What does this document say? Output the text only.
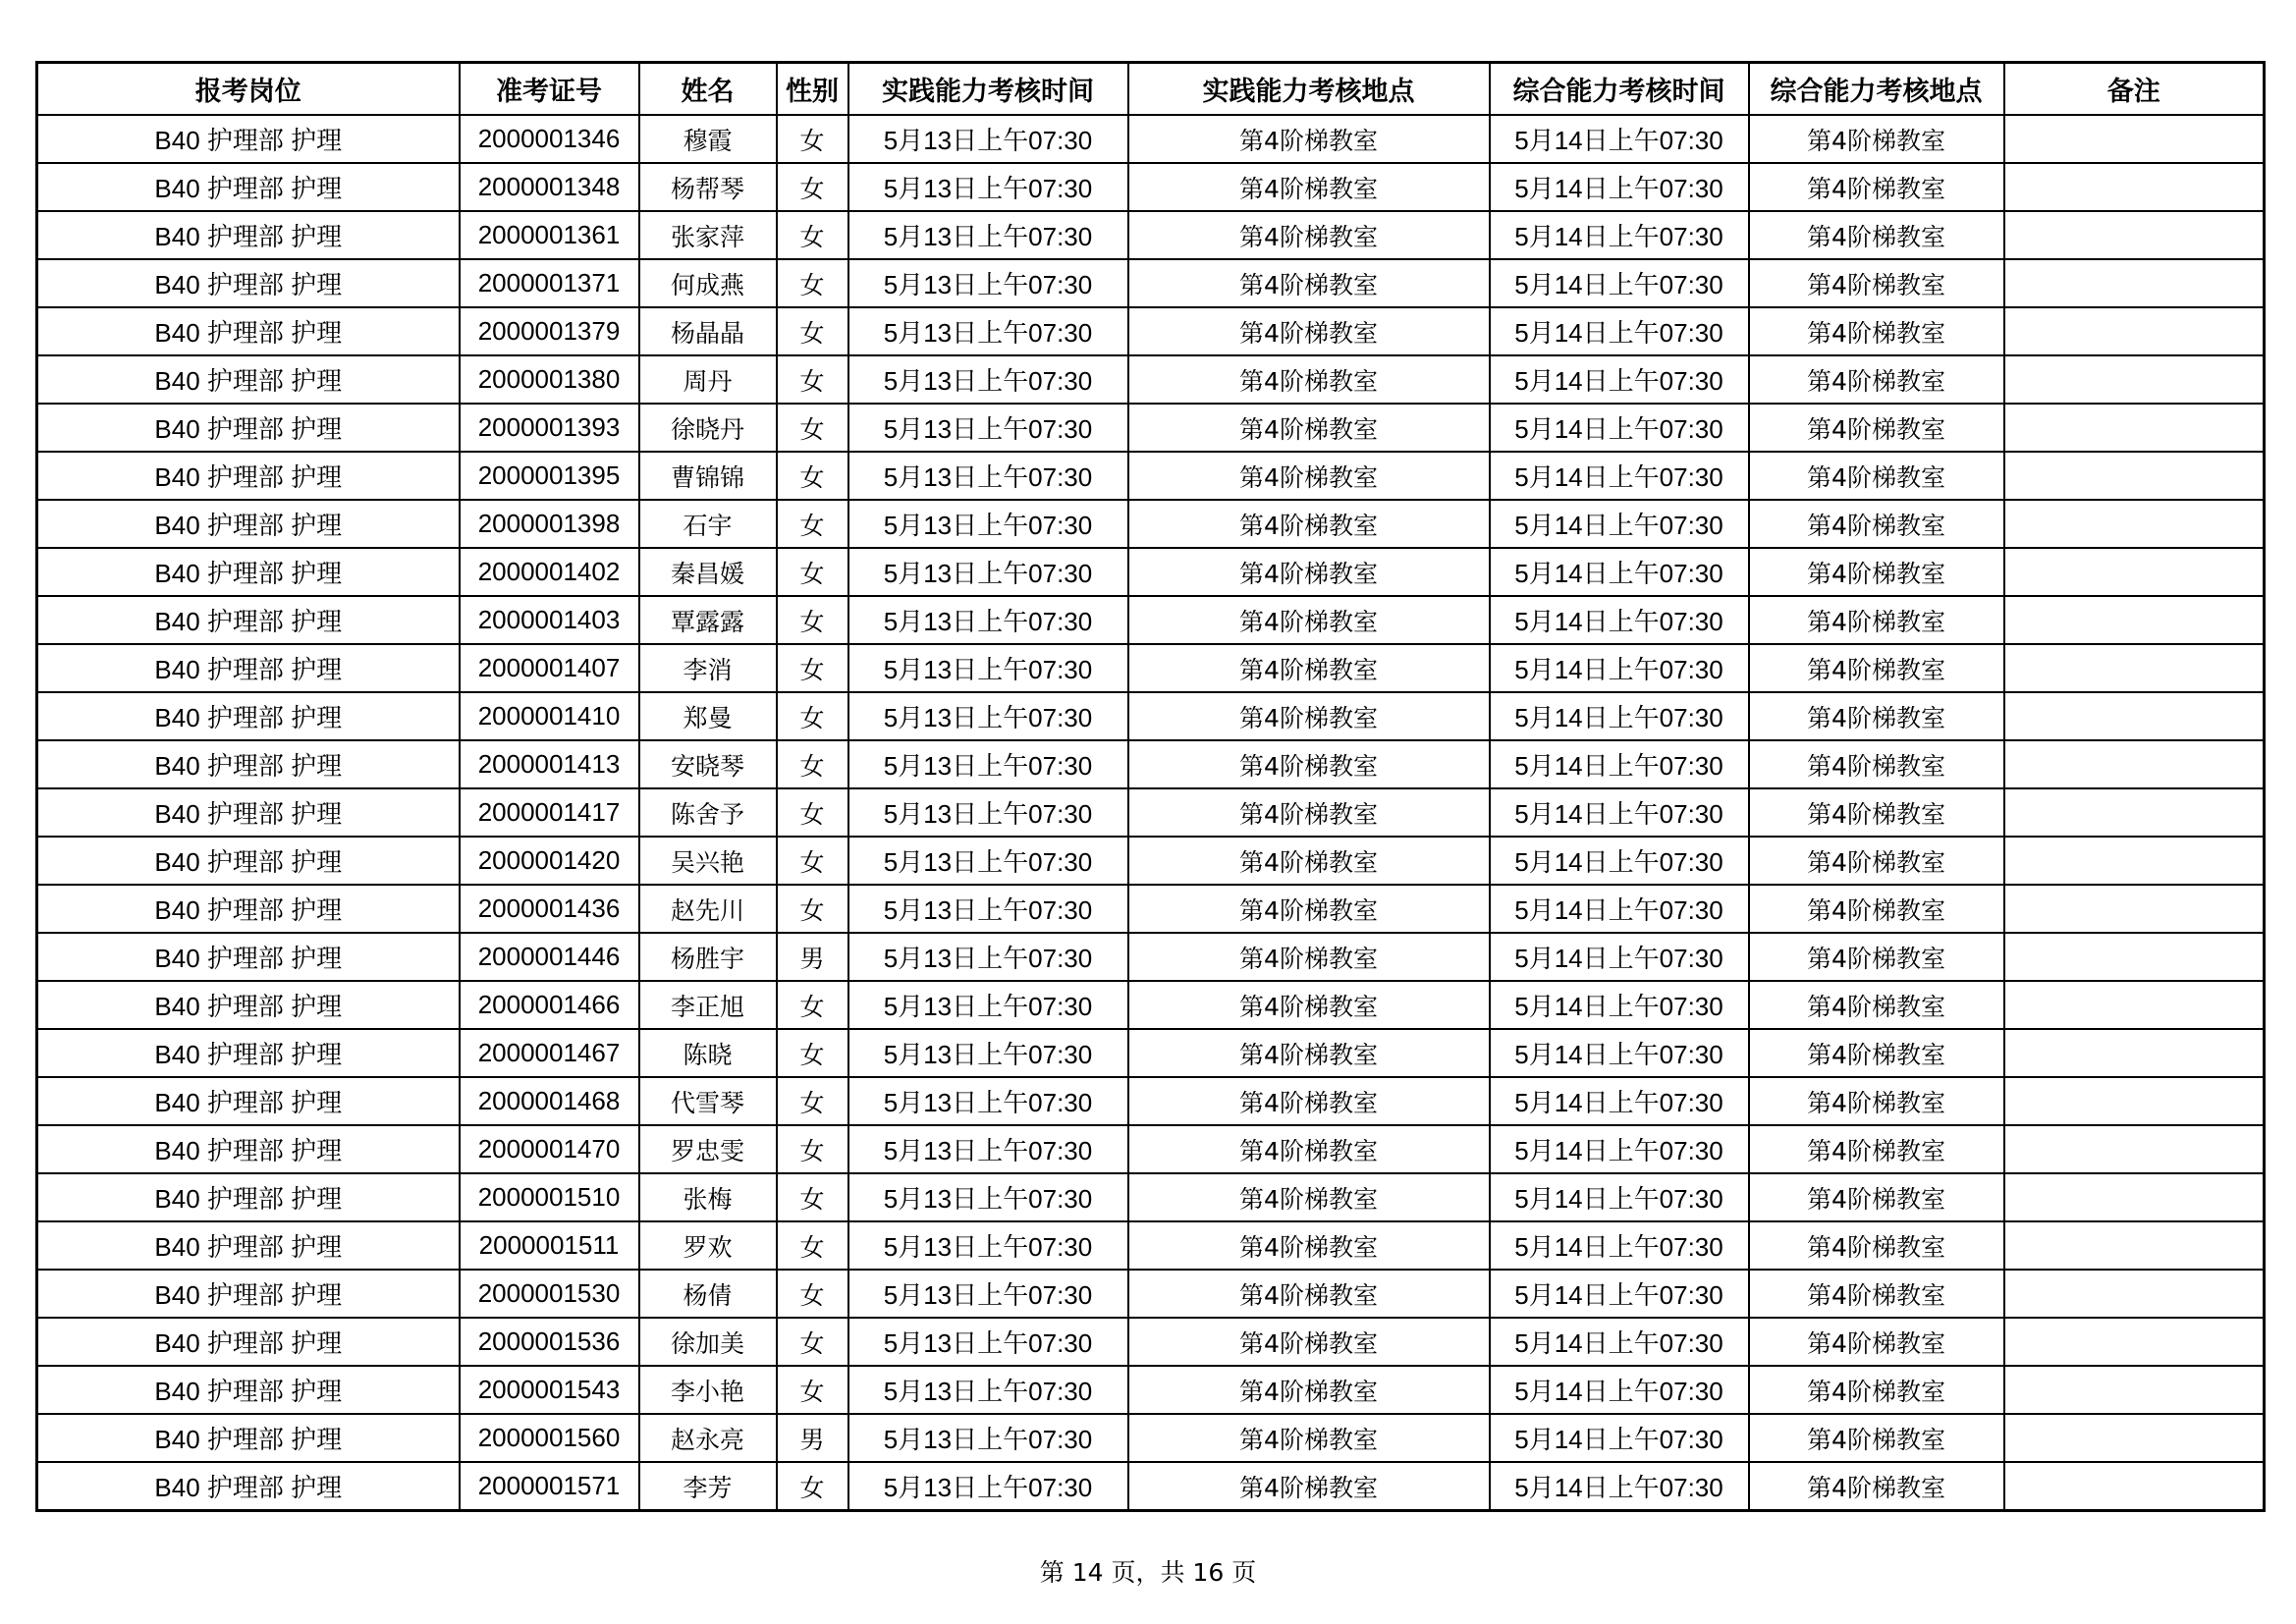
报考岗位	准考证号	姓名	性别	实践能力考核时间	实践能力考核地点	综合能力考核时间	综合能力考核地点	备注
B40 护理部 护理	2000001346	穆霞	女	5月13日上午07:30	第4阶梯教室	5月14日上午07:30	第4阶梯教室	
B40 护理部 护理	2000001348	杨帮琴	女	5月13日上午07:30	第4阶梯教室	5月14日上午07:30	第4阶梯教室	
B40 护理部 护理	2000001361	张家萍	女	5月13日上午07:30	第4阶梯教室	5月14日上午07:30	第4阶梯教室	
B40 护理部 护理	2000001371	何成燕	女	5月13日上午07:30	第4阶梯教室	5月14日上午07:30	第4阶梯教室	
B40 护理部 护理	2000001379	杨晶晶	女	5月13日上午07:30	第4阶梯教室	5月14日上午07:30	第4阶梯教室	
B40 护理部 护理	2000001380	周丹	女	5月13日上午07:30	第4阶梯教室	5月14日上午07:30	第4阶梯教室	
B40 护理部 护理	2000001393	徐晓丹	女	5月13日上午07:30	第4阶梯教室	5月14日上午07:30	第4阶梯教室	
B40 护理部 护理	2000001395	曹锦锦	女	5月13日上午07:30	第4阶梯教室	5月14日上午07:30	第4阶梯教室	
B40 护理部 护理	2000001398	石宇	女	5月13日上午07:30	第4阶梯教室	5月14日上午07:30	第4阶梯教室	
B40 护理部 护理	2000001402	秦昌媛	女	5月13日上午07:30	第4阶梯教室	5月14日上午07:30	第4阶梯教室	
B40 护理部 护理	2000001403	覃露露	女	5月13日上午07:30	第4阶梯教室	5月14日上午07:30	第4阶梯教室	
B40 护理部 护理	2000001407	李消	女	5月13日上午07:30	第4阶梯教室	5月14日上午07:30	第4阶梯教室	
B40 护理部 护理	2000001410	郑曼	女	5月13日上午07:30	第4阶梯教室	5月14日上午07:30	第4阶梯教室	
B40 护理部 护理	2000001413	安晓琴	女	5月13日上午07:30	第4阶梯教室	5月14日上午07:30	第4阶梯教室	
B40 护理部 护理	2000001417	陈舍予	女	5月13日上午07:30	第4阶梯教室	5月14日上午07:30	第4阶梯教室	
B40 护理部 护理	2000001420	吴兴艳	女	5月13日上午07:30	第4阶梯教室	5月14日上午07:30	第4阶梯教室	
B40 护理部 护理	2000001436	赵先川	女	5月13日上午07:30	第4阶梯教室	5月14日上午07:30	第4阶梯教室	
B40 护理部 护理	2000001446	杨胜宇	男	5月13日上午07:30	第4阶梯教室	5月14日上午07:30	第4阶梯教室	
B40 护理部 护理	2000001466	李正旭	女	5月13日上午07:30	第4阶梯教室	5月14日上午07:30	第4阶梯教室	
B40 护理部 护理	2000001467	陈晓	女	5月13日上午07:30	第4阶梯教室	5月14日上午07:30	第4阶梯教室	
B40 护理部 护理	2000001468	代雪琴	女	5月13日上午07:30	第4阶梯教室	5月14日上午07:30	第4阶梯教室	
B40 护理部 护理	2000001470	罗忠雯	女	5月13日上午07:30	第4阶梯教室	5月14日上午07:30	第4阶梯教室	
B40 护理部 护理	2000001510	张梅	女	5月13日上午07:30	第4阶梯教室	5月14日上午07:30	第4阶梯教室	
B40 护理部 护理	2000001511	罗欢	女	5月13日上午07:30	第4阶梯教室	5月14日上午07:30	第4阶梯教室	
B40 护理部 护理	2000001530	杨倩	女	5月13日上午07:30	第4阶梯教室	5月14日上午07:30	第4阶梯教室	
B40 护理部 护理	2000001536	徐加美	女	5月13日上午07:30	第4阶梯教室	5月14日上午07:30	第4阶梯教室	
B40 护理部 护理	2000001543	李小艳	女	5月13日上午07:30	第4阶梯教室	5月14日上午07:30	第4阶梯教室	
B40 护理部 护理	2000001560	赵永亮	男	5月13日上午07:30	第4阶梯教室	5月14日上午07:30	第4阶梯教室	
B40 护理部 护理	2000001571	李芳	女	5月13日上午07:30	第4阶梯教室	5月14日上午07:30	第4阶梯教室	
第 14 页，共 16 页
